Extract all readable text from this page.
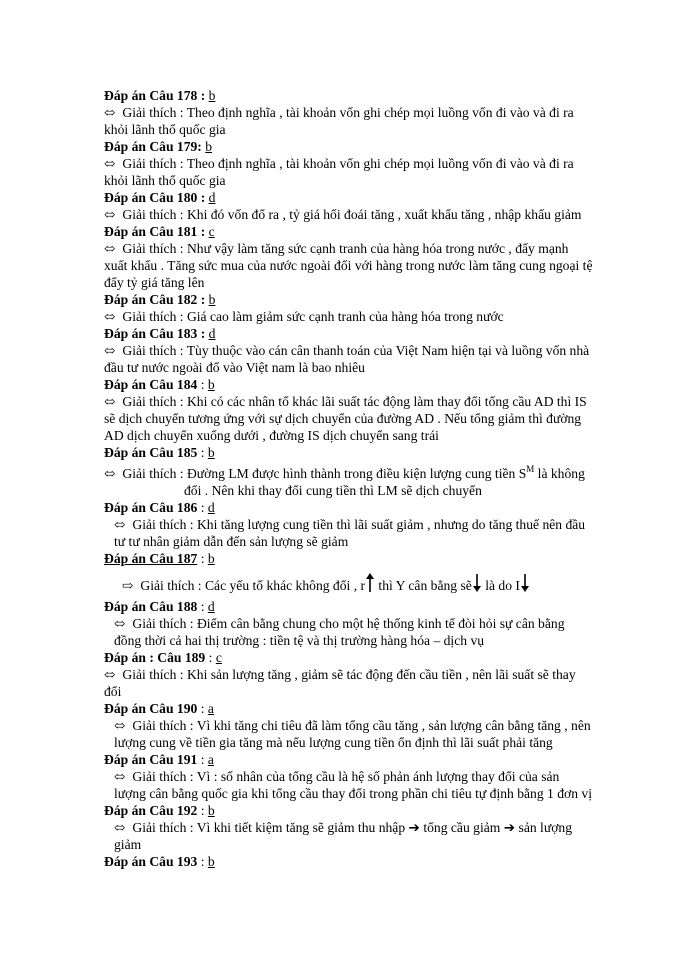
Đáp án Câu 178 : b
⬄ Giải thích : Theo định nghĩa , tài khoản vốn ghi chép mọi luồng vốn đi vào và đi ra
khỏi lãnh thổ quốc gia
Đáp án Câu 179: b
⬄ Giải thích : Theo định nghĩa , tài khoản vốn ghi chép mọi luồng vốn đi vào và đi ra
khỏi lãnh thổ quốc gia
Đáp án Câu 180 : d
⬄ Giải thích : Khi đó vốn đổ ra , tỷ giá hối đoái tăng , xuất khẩu tăng , nhập khẩu giảm
Đáp án Câu 181 : c
⬄ Giải thích : Như vậy làm tăng sức cạnh tranh của hàng hóa trong nước , đẩy mạnh
xuất khẩu . Tăng sức mua của nước ngoài đối với hàng trong nước làm tăng cung ngoại tệ
đẩy tỷ giá tăng lên
Đáp án Câu 182 : b
⬄ Giải thích : Giá cao làm giảm sức cạnh tranh của hàng hóa trong nước
Đáp án Câu 183 : d
⬄ Giải thích : Tùy thuộc vào cán cân thanh toán của Việt Nam hiện tại và luồng vốn nhà
đầu tư nước ngoài đổ vào Việt nam là bao nhiêu
Đáp án Câu 184 : b
⬄ Giải thích : Khi có các nhân tố khác lãi suất tác động làm thay đổi tổng cầu AD thì IS
sẽ dịch chuyển tương ứng với sự dịch chuyển của đường AD . Nếu tổng giảm thì đường
AD dịch chuyển xuống dưới , đường IS dịch chuyển sang trái
Đáp án Câu 185 : b
⬄ Giải thích : Đường LM được hình thành trong điều kiện lượng cung tiền $S^M$ là không
đổi . Nên khi thay đổi cung tiền thì LM sẽ dịch chuyển
Đáp án Câu 186 : d
⬄ Giải thích : Khi tăng lượng cung tiền thì lãi suất giảm , nhưng do tăng thuế nên đầu
tư tư nhân giảm dẫn đến sản lượng sẽ giảm
Đáp án Câu 187 : b
⇨ Giải thích : Các yếu tố khác không đổi , r thì Y cân bằng sẽ là do I
Đáp án Câu 188 : d
⬄ Giải thích : Điểm cân bằng chung cho một hệ thống kinh tế đòi hỏi sự cân bằng
đồng thời cả hai thị trường : tiền tệ và thị trường hàng hóa – dịch vụ
Đáp án : Câu 189 : c
⬄ Giải thích : Khi sản lượng tăng , giảm sẽ tác động đến cầu tiền , nên lãi suất sẽ thay
đổi
Đáp án Câu 190 : a
⬄ Giải thích : Vì khi tăng chi tiêu đã làm tổng cầu tăng , sản lượng cân bằng tăng , nên
lượng cung về tiền gia tăng mà nếu lượng cung tiền ổn định thì lãi suất phải tăng
Đáp án Câu 191 : a
⬄ Giải thích : Vì : số nhân của tổng cầu là hệ số phản ánh lượng thay đổi của sản
lượng cân bằng quốc gia khi tổng cầu thay đổi trong phần chi tiêu tự định bằng 1 đơn vị
Đáp án Câu 192 : b
⬄ Giải thích : Vì khi tiết kiệm tăng sẽ giảm thu nhập ➔ tổng cầu giảm ➔ sản lượng
giảm
Đáp án Câu 193 : b
